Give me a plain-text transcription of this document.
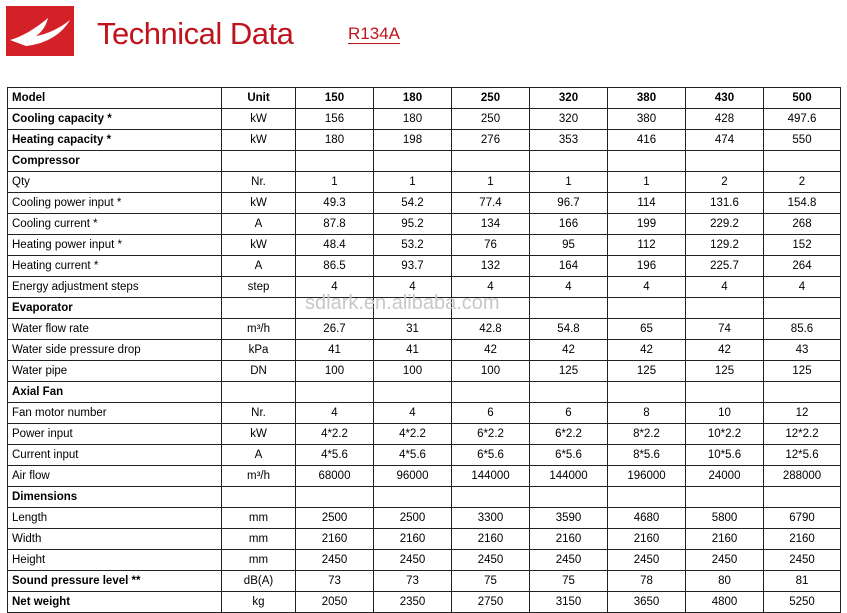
Technical Data	R134A
Model	Unit	150	180	250	320	380	430	500
Cooling capacity *	kW	156	180	250	320	380	428	497.6
Heating capacity *	kW	180	198	276	353	416	474	550
Compressor								
Qty	Nr.	1	1	1	1	1	2	2
Cooling power input *	kW	49.3	54.2	77.4	96.7	114	131.6	154.8
Cooling current *	A	87.8	95.2	134	166	199	229.2	268
Heating power input *	kW	48.4	53.2	76	95	112	129.2	152
Heating current *	A	86.5	93.7	132	164	196	225.7	264
Energy adjustment steps	step	4	4	4	4	4	4	4
Evaporator								
Water flow rate	m³/h	26.7	31	42.8	54.8	65	74	85.6
Water side pressure drop	kPa	41	41	42	42	42	42	43
Water pipe	DN	100	100	100	125	125	125	125
Axial Fan								
Fan motor number	Nr.	4	4	6	6	8	10	12
Power input	kW	4*2.2	4*2.2	6*2.2	6*2.2	8*2.2	10*2.2	12*2.2
Current input	A	4*5.6	4*5.6	6*5.6	6*5.6	8*5.6	10*5.6	12*5.6
Air flow	m³/h	68000	96000	144000	144000	196000	24000	288000
Dimensions								
Length	mm	2500	2500	3300	3590	4680	5800	6790
Width	mm	2160	2160	2160	2160	2160	2160	2160
Height	mm	2450	2450	2450	2450	2450	2450	2450
Sound pressure level **	dB(A)	73	73	75	75	78	80	81
Net weight	kg	2050	2350	2750	3150	3650	4800	5250
sdlark.en.alibaba.com
